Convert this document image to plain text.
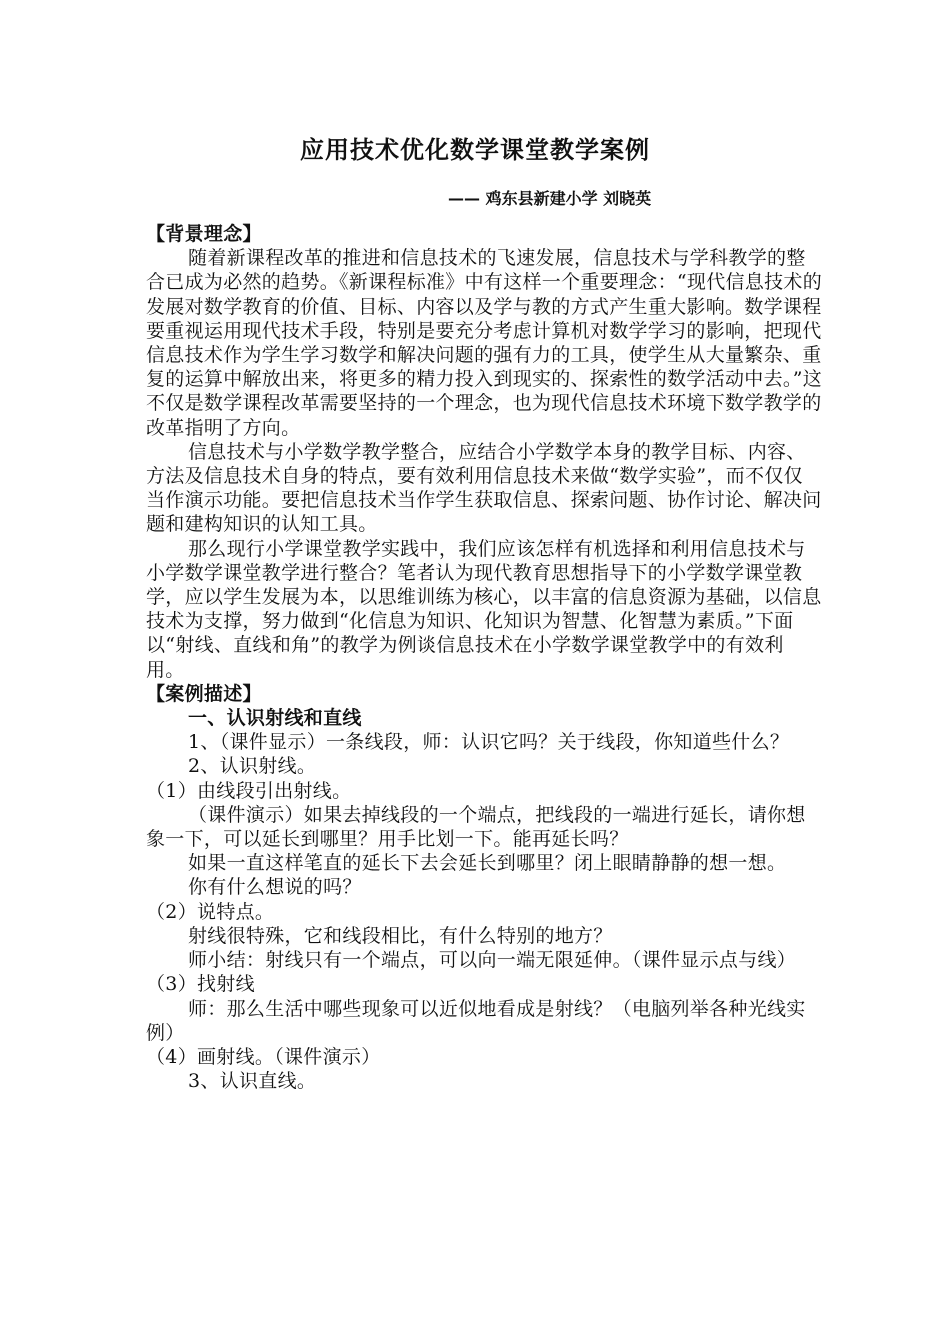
应用技术优化数学课堂教学案例
—— 鸡东县新建小学 刘晓英

【背景理念】

随着新课程改革的推进和信息技术的飞速发展，信息技术与学科教学的整合已成为必然的趋势。《新课程标准》中有这样一个重要理念：“现代信息技术的发展对数学教育的价值、目标、内容以及学与教的方式产生重大影响。数学课程要重视运用现代技术手段，特别是要充分考虑计算机对数学学习的影响，把现代信息技术作为学生学习数学和解决问题的强有力的工具，使学生从大量繁杂、重复的运算中解放出来，将更多的精力投入到现实的、探索性的数学活动中去。”这不仅是数学课程改革需要坚持的一个理念，也为现代信息技术环境下数学教学的改革指明了方向。

信息技术与小学数学教学整合，应结合小学数学本身的教学目标、内容、方法及信息技术自身的特点，要有效利用信息技术来做“数学实验”，而不仅仅当作演示功能。要把信息技术当作学生获取信息、探索问题、协作讨论、解决问题和建构知识的认知工具。

那么现行小学课堂教学实践中，我们应该怎样有机选择和利用信息技术与小学数学课堂教学进行整合？笔者认为现代教育思想指导下的小学数学课堂教学，应以学生发展为本，以思维训练为核心，以丰富的信息资源为基础，以信息技术为支撑，努力做到“化信息为知识、化知识为智慧、化智慧为素质。”下面以“射线、直线和角”的教学为例谈信息技术在小学数学课堂教学中的有效利用。

【案例描述】

一、认识射线和直线

1、（课件显示）一条线段，师：认识它吗？关于线段，你知道些什么？

2、认识射线。

（1）由线段引出射线。

（课件演示）如果去掉线段的一个端点，把线段的一端进行延长，请你想象一下，可以延长到哪里？用手比划一下。能再延长吗？

如果一直这样笔直的延长下去会延长到哪里？闭上眼睛静静的想一想。

你有什么想说的吗？

（2）说特点。

射线很特殊，它和线段相比，有什么特别的地方？

师小结：射线只有一个端点，可以向一端无限延伸。（课件显示点与线）

（3）找射线

师：那么生活中哪些现象可以近似地看成是射线？（电脑列举各种光线实例）

（4）画射线。（课件演示）

3、认识直线。
